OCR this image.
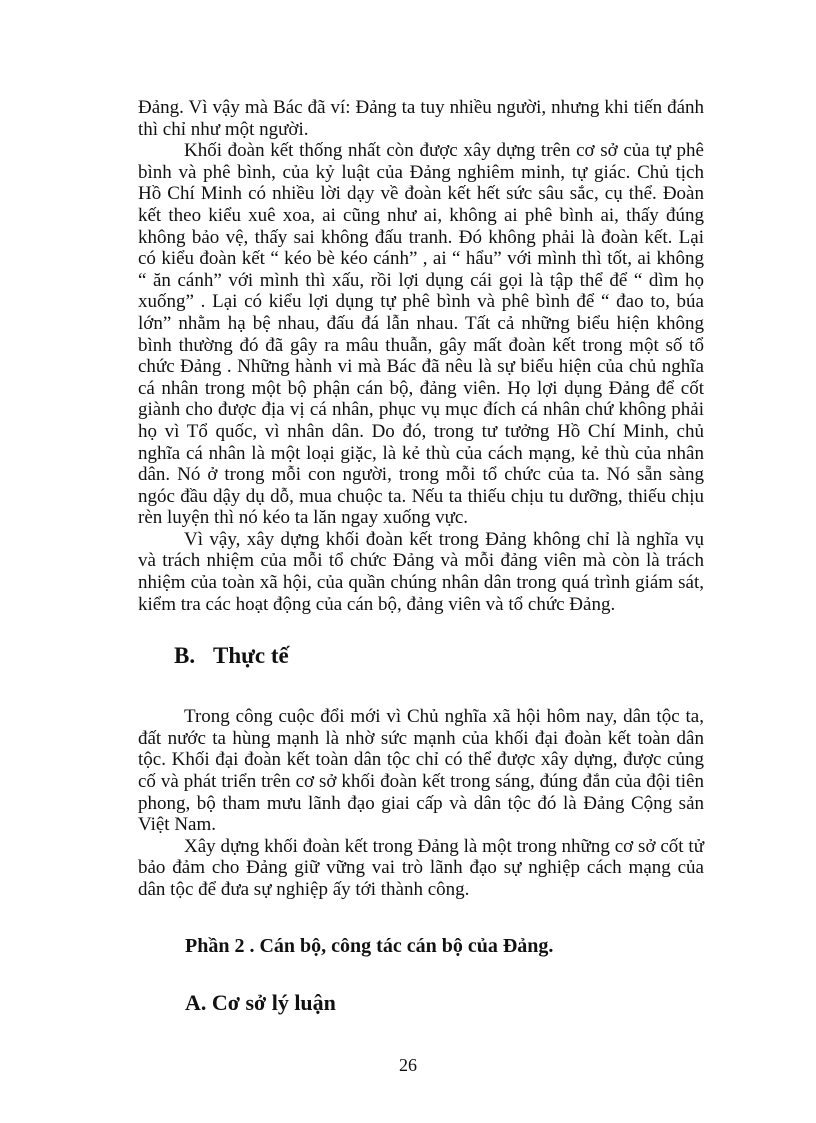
Đảng. Vì vậy mà Bác đã ví: Đảng ta tuy nhiều người, nhưng khi tiến đánh thì chỉ như một người.

Khối đoàn kết thống nhất còn được xây dựng trên cơ sở của tự phê bình và phê bình, của kỷ luật của Đảng nghiêm minh, tự giác. Chủ tịch Hồ Chí Minh có nhiều lời dạy về đoàn kết hết sức sâu sắc, cụ thể. Đoàn kết theo kiểu xuê xoa, ai cũng như ai, không ai phê bình ai, thấy đúng không bảo vệ, thấy sai không đấu tranh. Đó không phải là đoàn kết. Lại có kiểu đoàn kết “ kéo bè kéo cánh” , ai “ hẩu” với mình thì tốt, ai không “ ăn cánh” với mình thì xấu, rồi lợi dụng cái gọi là tập thể để “ dìm họ xuống” . Lại có kiểu lợi dụng tự phê bình và phê bình để “ đao to, búa lớn” nhằm hạ bệ nhau, đấu đá lẫn nhau. Tất cả những biểu hiện không bình thường đó đã gây ra mâu thuẫn, gây mất đoàn kết trong một số tổ chức Đảng . Những hành vi mà Bác đã nêu là sự biểu hiện của chủ nghĩa cá nhân trong một bộ phận cán bộ, đảng viên. Họ lợi dụng Đảng để cốt giành cho được địa vị cá nhân, phục vụ mục đích cá nhân chứ không phải họ vì Tổ quốc, vì nhân dân. Do đó, trong tư tưởng Hồ Chí Minh, chủ nghĩa cá nhân là một loại giặc, là kẻ thù của cách mạng, kẻ thù của nhân dân. Nó ở trong mỗi con người, trong mỗi tổ chức của ta. Nó sẵn sàng ngóc đầu dậy dụ dỗ, mua chuộc ta. Nếu ta thiếu chịu tu dưỡng, thiếu chịu rèn luyện thì nó kéo ta lăn ngay xuống vực.

Vì vậy, xây dựng khối đoàn kết trong Đảng không chỉ là nghĩa vụ và trách nhiệm của mỗi tổ chức Đảng và mỗi đảng viên mà còn là trách nhiệm của toàn xã hội, của quần chúng nhân dân trong quá trình giám sát, kiểm tra các hoạt động của cán bộ, đảng viên và tổ chức Đảng.

B. Thực tế

Trong công cuộc đổi mới vì Chủ nghĩa xã hội hôm nay, dân tộc ta, đất nước ta hùng mạnh là nhờ sức mạnh của khối đại đoàn kết toàn dân tộc. Khối đại đoàn kết toàn dân tộc chỉ có thể được xây dựng, được củng cố và phát triển trên cơ sở khối đoàn kết trong sáng, đúng đắn của đội tiên phong, bộ tham mưu lãnh đạo giai cấp và dân tộc đó là Đảng Cộng sản Việt Nam.

Xây dựng khối đoàn kết trong Đảng là một trong những cơ sở cốt tử bảo đảm cho Đảng giữ vững vai trò lãnh đạo sự nghiệp cách mạng của dân tộc để đưa sự nghiệp ấy tới thành công.

Phần 2 . Cán bộ, công tác cán bộ của Đảng.
A. Cơ sở lý luận
26
